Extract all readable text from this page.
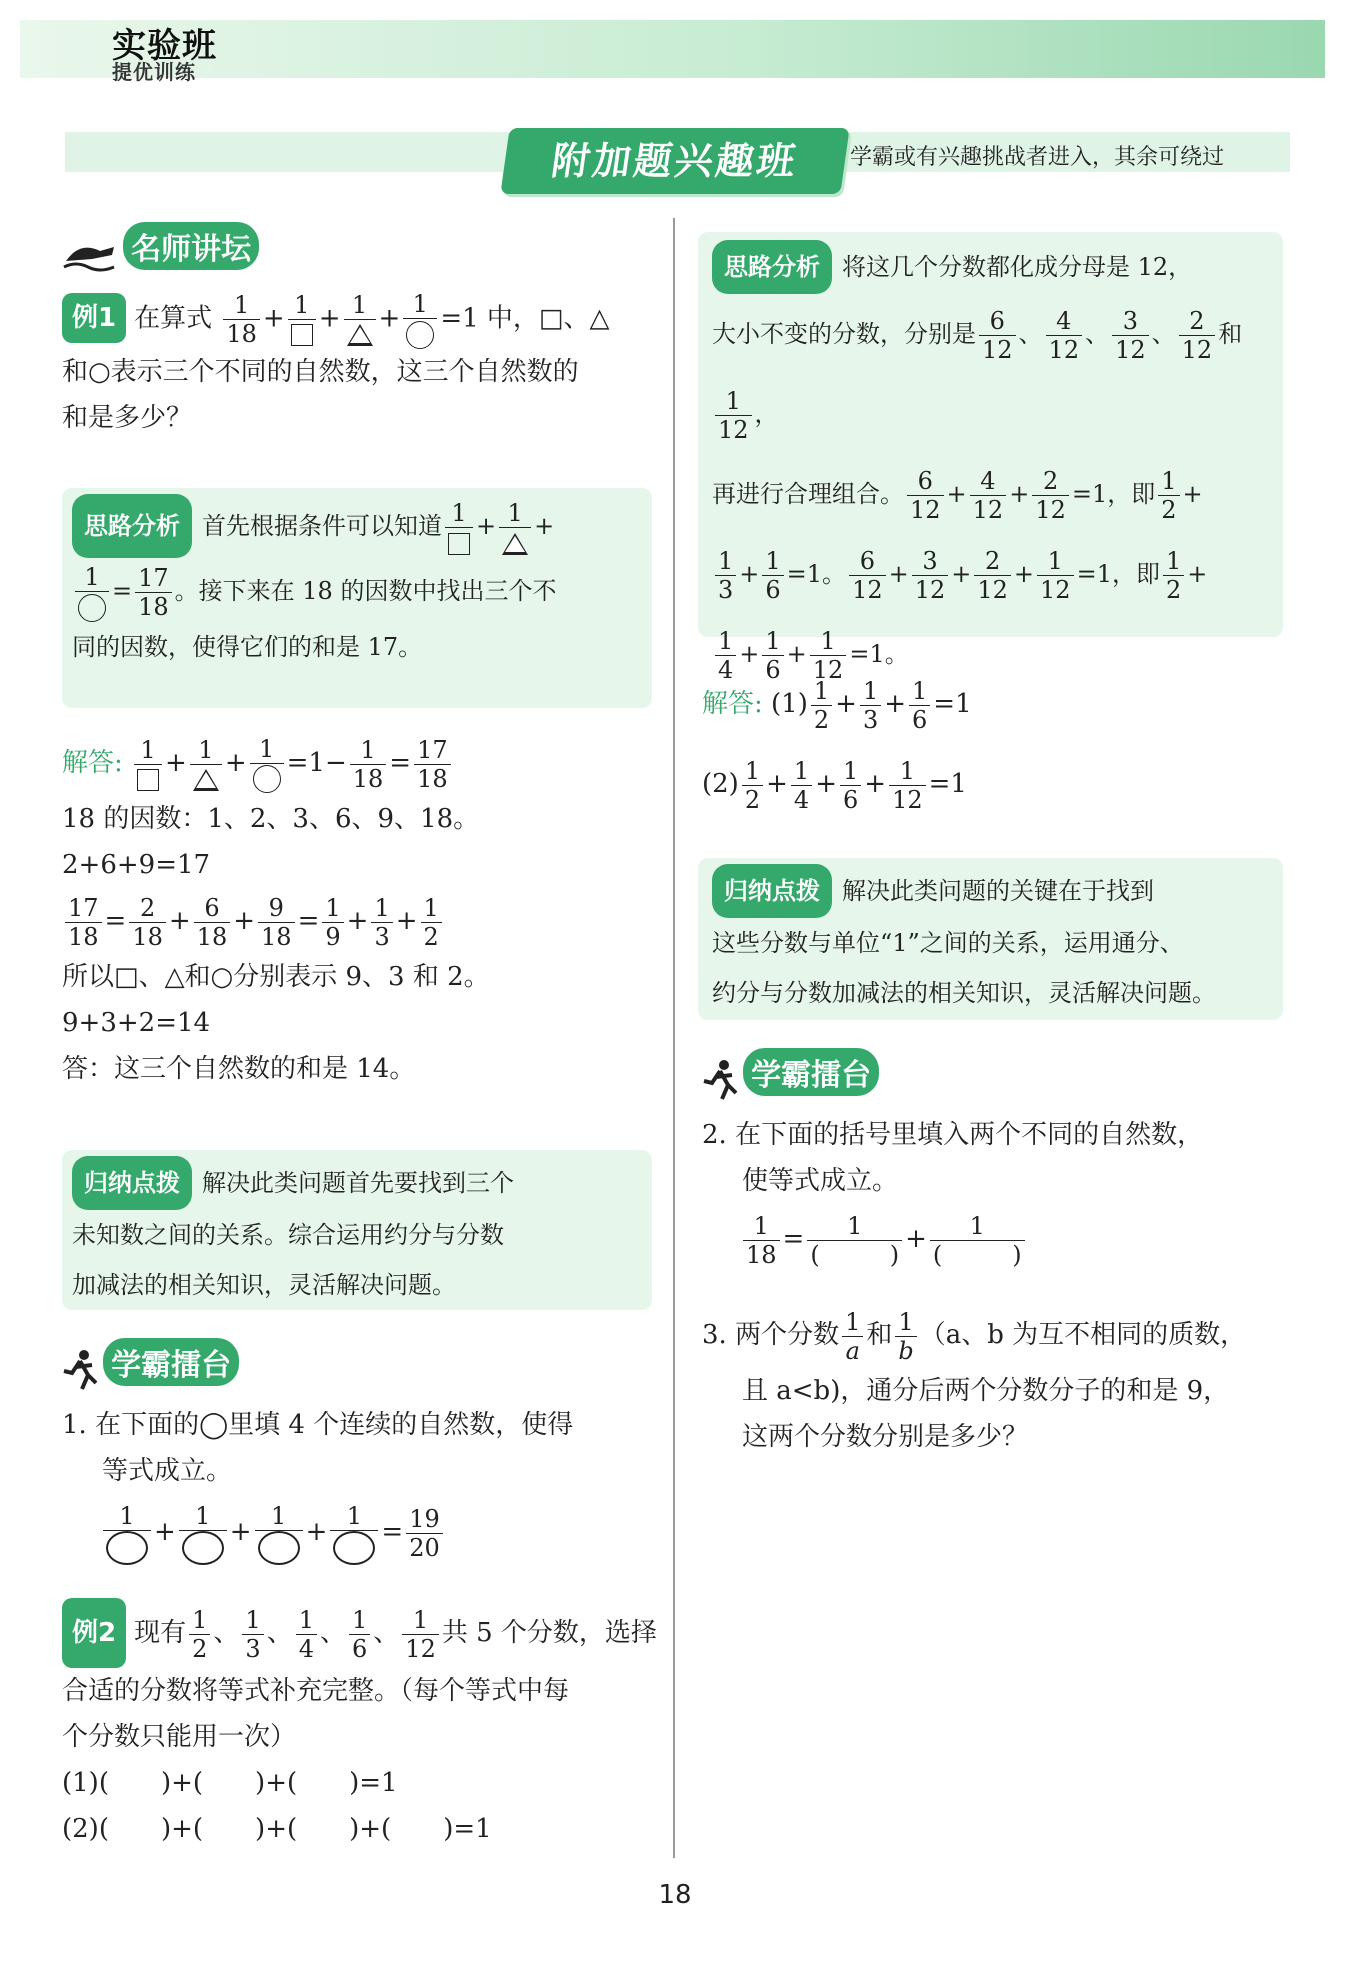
实验班
提优训练
附加题兴趣班	学霸或有兴趣挑战者进入，其余可绕过
名师讲坛
例1 在算式 $\frac{1}{18} + 1 + 1 + 1 =1$ 中，□、△
和○表示三个不同的自然数，这三个自然数的
和是多少？
思路分析 首先根据条件可以知道 1 + 1 +
$1 = \frac{17}{18}$ 。接下来在 18 的因数中找出三个不
同的因数，使得它们的和是 17。
解答: $1 + 1 + 1 =1- \frac{1}{18} = \frac{17}{18}$
18 的因数：1、2、3、6、9、18。
2+6+9=17
$\frac{17}{18} = \frac{2}{18} + \frac{6}{18} + \frac{9}{18} = \frac{1}{9} + \frac{1}{3} + \frac{1}{2}$
所以□、△和○分别表示 9、3 和 2。
9+3+2=14
答：这三个自然数的和是 14。
归纳点拨 解决此类问题首先要找到三个
未知数之间的关系。综合运用约分与分数
加减法的相关知识，灵活解决问题。
学霸擂台
1. 在下面的◯里填 4 个连续的自然数，使得
等式成立。
1
+
1
+
1
+
1
= $\frac{19}{20}$
例2 现有 $\frac{1}{2}$ 、 $\frac{1}{3}$ 、 $\frac{1}{4}$ 、 $\frac{1}{6}$ 、 $\frac{1}{12}$ 共 5 个分数，选择
合适的分数将等式补充完整。（每个等式中每
个分数只能用一次）
(1)(　　)+(　　)+(　　)=1
(2)(　　)+(　　)+(　　)+(　　)=1
思路分析 将这几个分数都化成分母是 12，
大小不变的分数，分别是 $\frac{6}{12}$ 、 $\frac{4}{12}$ 、 $\frac{3}{12}$ 、 $\frac{2}{12}$ 和
$\frac{1}{12}$ ，
再进行合理组合。 $\frac{6}{12} + \frac{4}{12} + \frac{2}{12} =1$，即 $\frac{1}{2}$ +
$\frac{1}{3} + \frac{1}{6} =1$。 $\frac{6}{12} + \frac{3}{12} + \frac{2}{12} + \frac{1}{12} =1$，即 $\frac{1}{2}$ +
$\frac{1}{4} + \frac{1}{6} + \frac{1}{12} =1$。
解答: $(1) \frac{1}{2} + \frac{1}{3} + \frac{1}{6} =1$
$(2) \frac{1}{2} + \frac{1}{4} + \frac{1}{6} + \frac{1}{12} =1$
归纳点拨 解决此类问题的关键在于找到
这些分数与单位“1”之间的关系，运用通分、
约分与分数加减法的相关知识，灵活解决问题。
学霸擂台
2. 在下面的括号里填入两个不同的自然数，
使等式成立。
$\frac{1}{18} = 1$
(	) + 1
(	)
3. 两个分数 $\frac{1}{a}$ 和 $\frac{1}{b} (a$、b 为互不相同的质数，
且 a<b)，通分后两个分数分子的和是 9，
这两个分数分别是多少？
18
